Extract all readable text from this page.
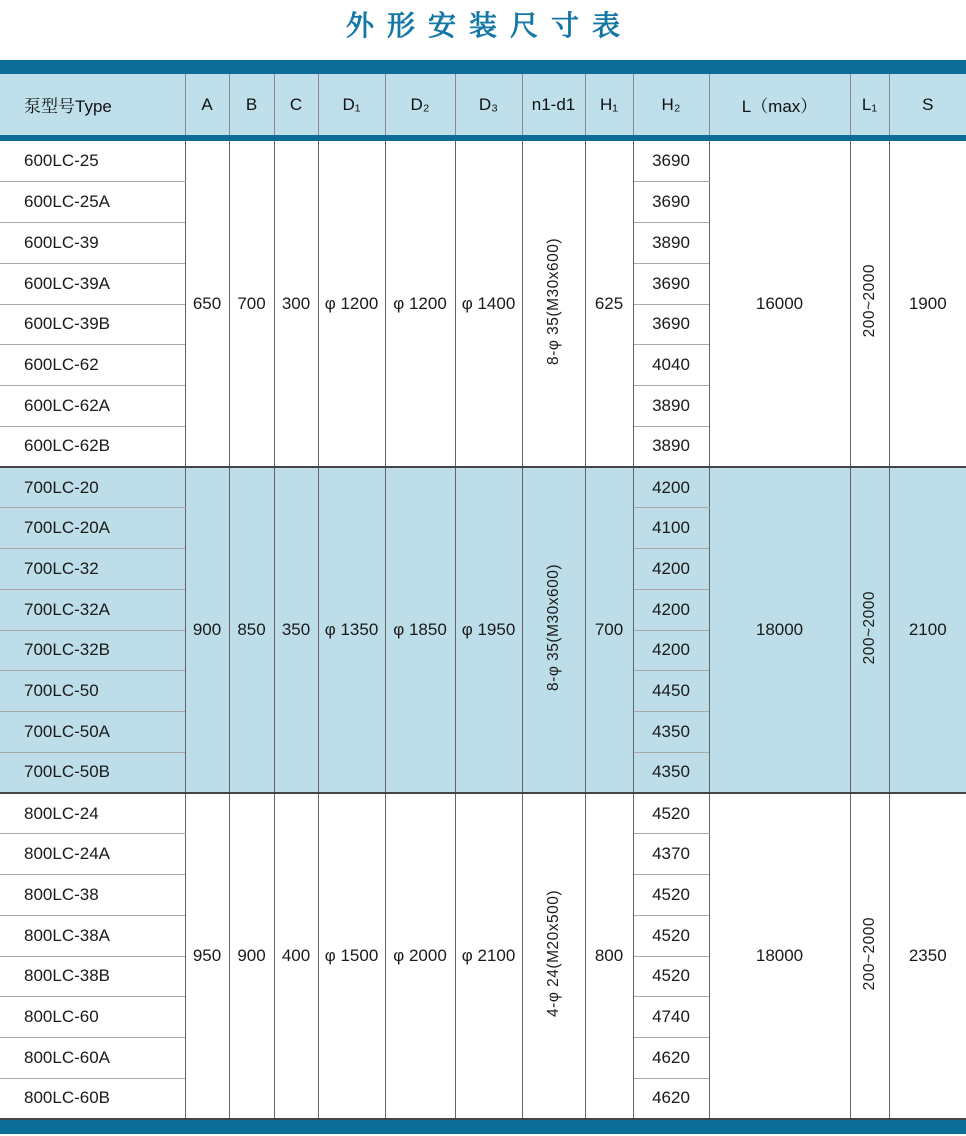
外形安装尺寸表

泵型号Type	A	B	C	D₁	D₂	D₃	n1-d1	H₁	H₂	L（max）	L₁	S

600LC-25	650	700	300	φ 1200	φ 1200	φ 1400	8-φ 35(M30x600)	625	3690	16000	200~2000	1900
600LC-25A									3690			
600LC-39									3890			
600LC-39A									3690			
600LC-39B									3690			
600LC-62									4040			
600LC-62A									3890			
600LC-62B									3890			
700LC-20	900	850	350	φ 1350	φ 1850	φ 1950	8-φ 35(M30x600)	700	4200	18000	200~2000	2100
700LC-20A									4100			
700LC-32									4200			
700LC-32A									4200			
700LC-32B									4200			
700LC-50									4450			
700LC-50A									4350			
700LC-50B									4350			
800LC-24	950	900	400	φ 1500	φ 2000	φ 2100	4-φ 24(M20x500)	800	4520	18000	200~2000	2350
800LC-24A									4370			
800LC-38									4520			
800LC-38A									4520			
800LC-38B									4520			
800LC-60									4740			
800LC-60A									4620			
800LC-60B									4620			
